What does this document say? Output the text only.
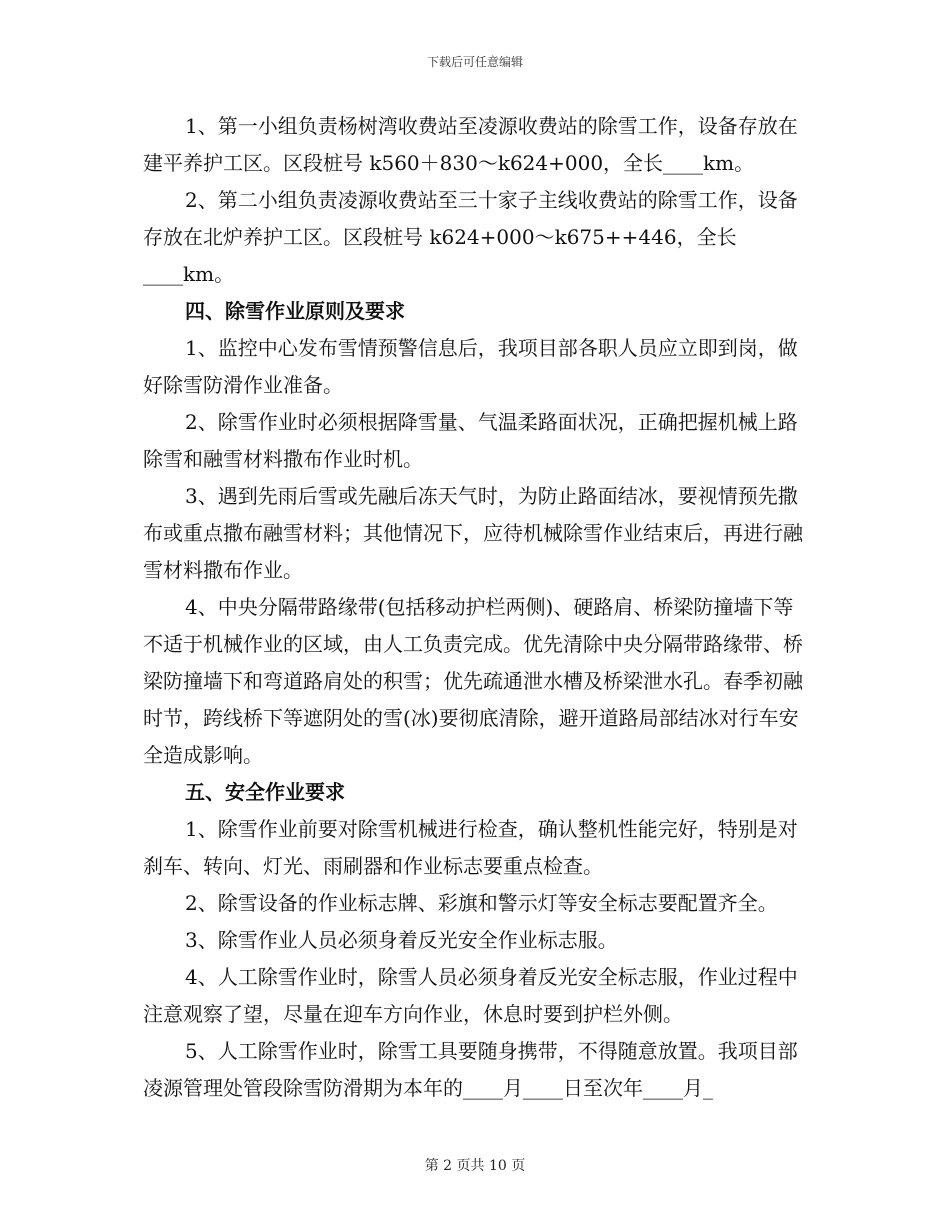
下载后可任意编辑

1、第一小组负责杨树湾收费站至凌源收费站的除雪工作，设备存放在建平养护工区。区段桩号 k560＋830～k624+000，全长____km。

2、第二小组负责凌源收费站至三十家子主线收费站的除雪工作，设备存放在北炉养护工区。区段桩号 k624+000～k675++446，全长____km。

四、除雪作业原则及要求

1、监控中心发布雪情预警信息后，我项目部各职人员应立即到岗，做好除雪防滑作业准备。

2、除雪作业时必须根据降雪量、气温柔路面状况，正确把握机械上路除雪和融雪材料撒布作业时机。

3、遇到先雨后雪或先融后冻天气时，为防止路面结冰，要视情预先撒布或重点撒布融雪材料；其他情况下，应待机械除雪作业结束后，再进行融雪材料撒布作业。

4、中央分隔带路缘带(包括移动护栏两侧)、硬路肩、桥梁防撞墙下等不适于机械作业的区域，由人工负责完成。优先清除中央分隔带路缘带、桥梁防撞墙下和弯道路肩处的积雪；优先疏通泄水槽及桥梁泄水孔。春季初融时节，跨线桥下等遮阴处的雪(冰)要彻底清除，避开道路局部结冰对行车安全造成影响。

五、安全作业要求

1、除雪作业前要对除雪机械进行检查，确认整机性能完好，特别是对刹车、转向、灯光、雨刷器和作业标志要重点检查。

2、除雪设备的作业标志牌、彩旗和警示灯等安全标志要配置齐全。

3、除雪作业人员必须身着反光安全作业标志服。

4、人工除雪作业时，除雪人员必须身着反光安全标志服，作业过程中注意观察了望，尽量在迎车方向作业，休息时要到护栏外侧。

5、人工除雪作业时，除雪工具要随身携带，不得随意放置。我项目部凌源管理处管段除雪防滑期为本年的____月____日至次年____月_

第 2 页共 10 页
